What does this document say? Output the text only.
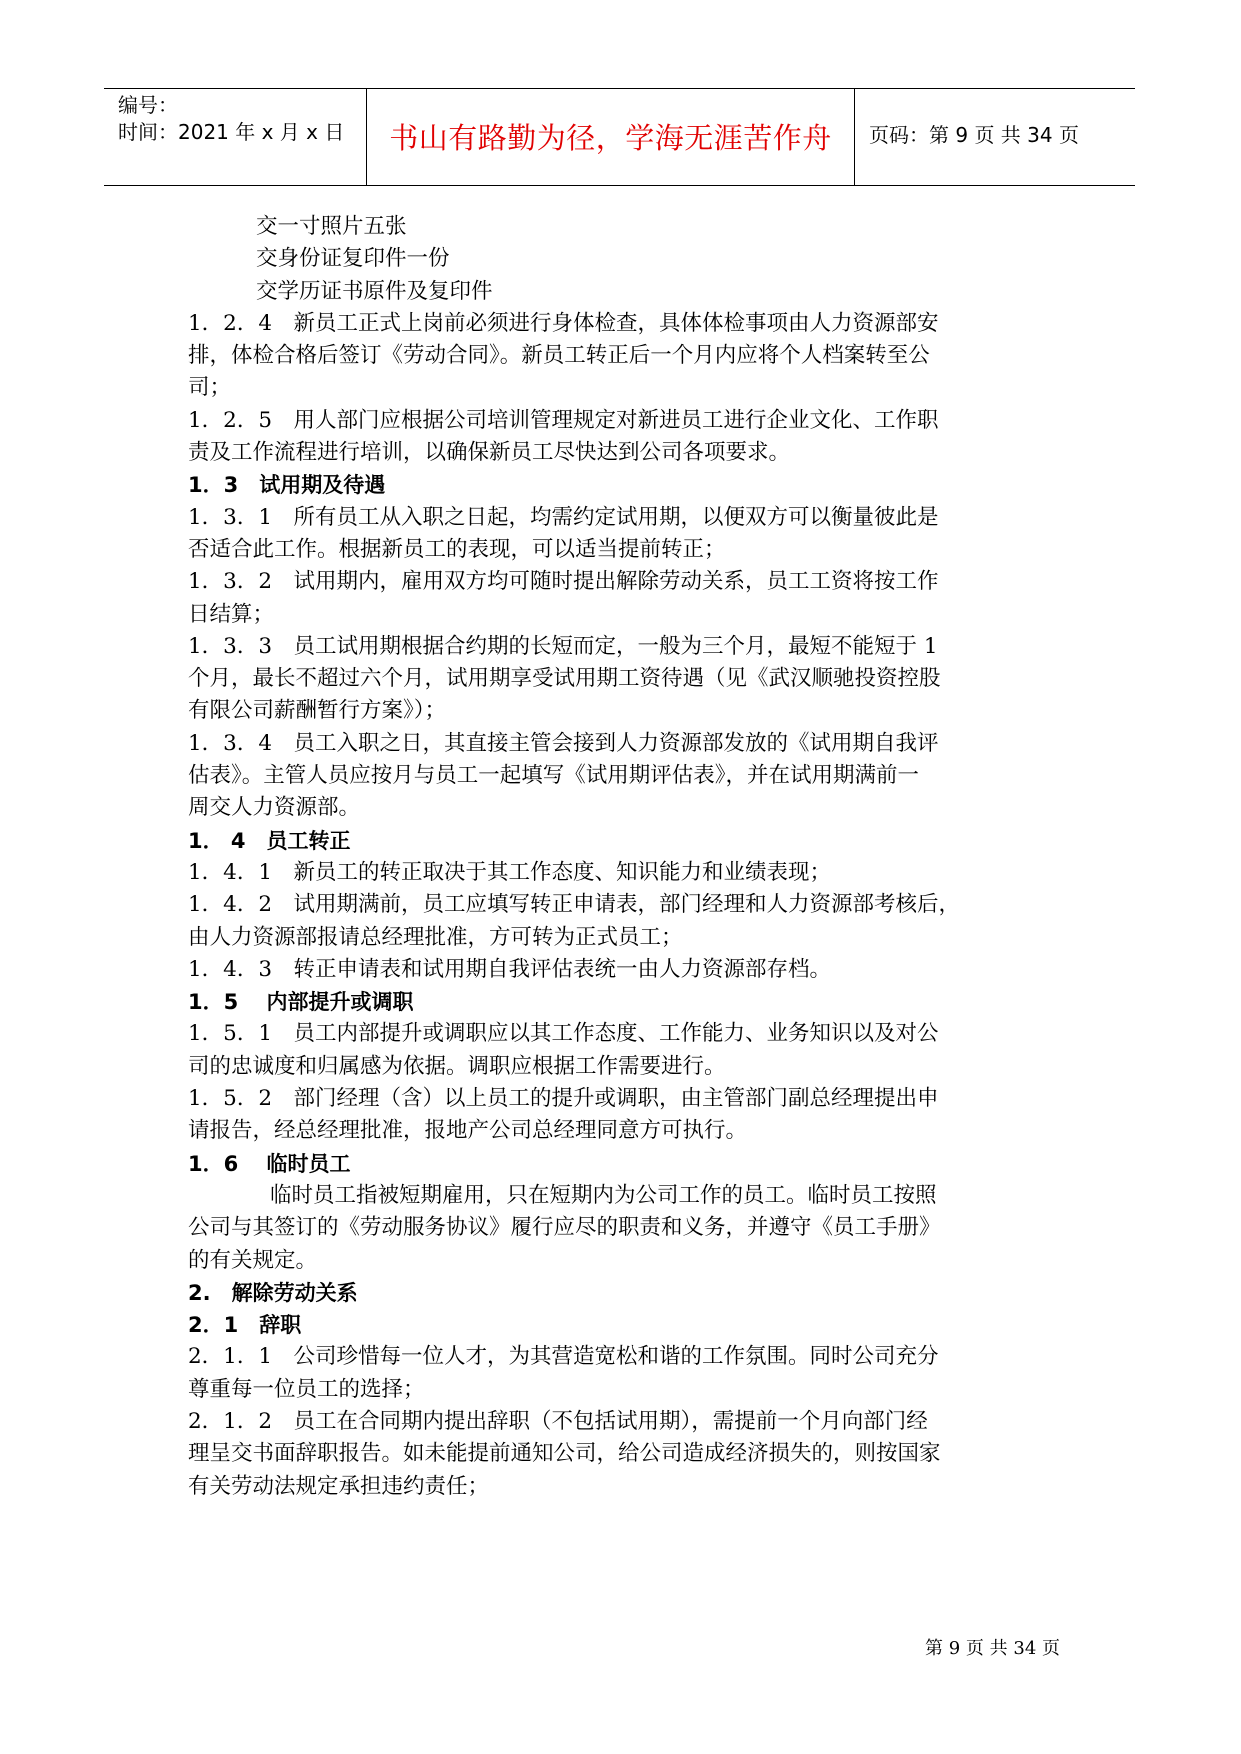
编号：
时间：2021 年 x 月 x 日	书山有路勤为径，学海无涯苦作舟	页码：第 9 页 共 34 页
交一寸照片五张
交身份证复印件一份
交学历证书原件及复印件
1．2．4　新员工正式上岗前必须进行身体检查，具体体检事项由人力资源部安
排，体检合格后签订《劳动合同》。新员工转正后一个月内应将个人档案转至公
司；
1．2．5　用人部门应根据公司培训管理规定对新进员工进行企业文化、工作职
责及工作流程进行培训，以确保新员工尽快达到公司各项要求。
1．3　试用期及待遇
1．3．1　所有员工从入职之日起，均需约定试用期，以便双方可以衡量彼此是
否适合此工作。根据新员工的表现，可以适当提前转正；
1．3．2　试用期内，雇用双方均可随时提出解除劳动关系，员工工资将按工作
日结算；
1．3．3　员工试用期根据合约期的长短而定，一般为三个月，最短不能短于 1
个月，最长不超过六个月，试用期享受试用期工资待遇（见《武汉顺驰投资控股
有限公司薪酬暂行方案》）；
1．3．4　员工入职之日，其直接主管会接到人力资源部发放的《试用期自我评
估表》。主管人员应按月与员工一起填写《试用期评估表》，并在试用期满前一
周交人力资源部。
1． 4　员工转正
1．4．1　新员工的转正取决于其工作态度、知识能力和业绩表现；
1．4．2　试用期满前，员工应填写转正申请表，部门经理和人力资源部考核后，
由人力资源部报请总经理批准，方可转为正式员工；
1．4．3　转正申请表和试用期自我评估表统一由人力资源部存档。
1．5　 内部提升或调职
1．5．1　员工内部提升或调职应以其工作态度、工作能力、业务知识以及对公
司的忠诚度和归属感为依据。调职应根据工作需要进行。
1．5．2　部门经理（含）以上员工的提升或调职，由主管部门副总经理提出申
请报告，经总经理批准，报地产公司总经理同意方可执行。
1．6　 临时员工
临时员工指被短期雇用，只在短期内为公司工作的员工。临时员工按照
公司与其签订的《劳动服务协议》履行应尽的职责和义务，并遵守《员工手册》
的有关规定。
2.　解除劳动关系
2．1　辞职
2．1．1　公司珍惜每一位人才，为其营造宽松和谐的工作氛围。同时公司充分
尊重每一位员工的选择；
2．1．2　员工在合同期内提出辞职（不包括试用期），需提前一个月向部门经
理呈交书面辞职报告。如未能提前通知公司，给公司造成经济损失的，则按国家
有关劳动法规定承担违约责任；
第 9 页 共 34 页
